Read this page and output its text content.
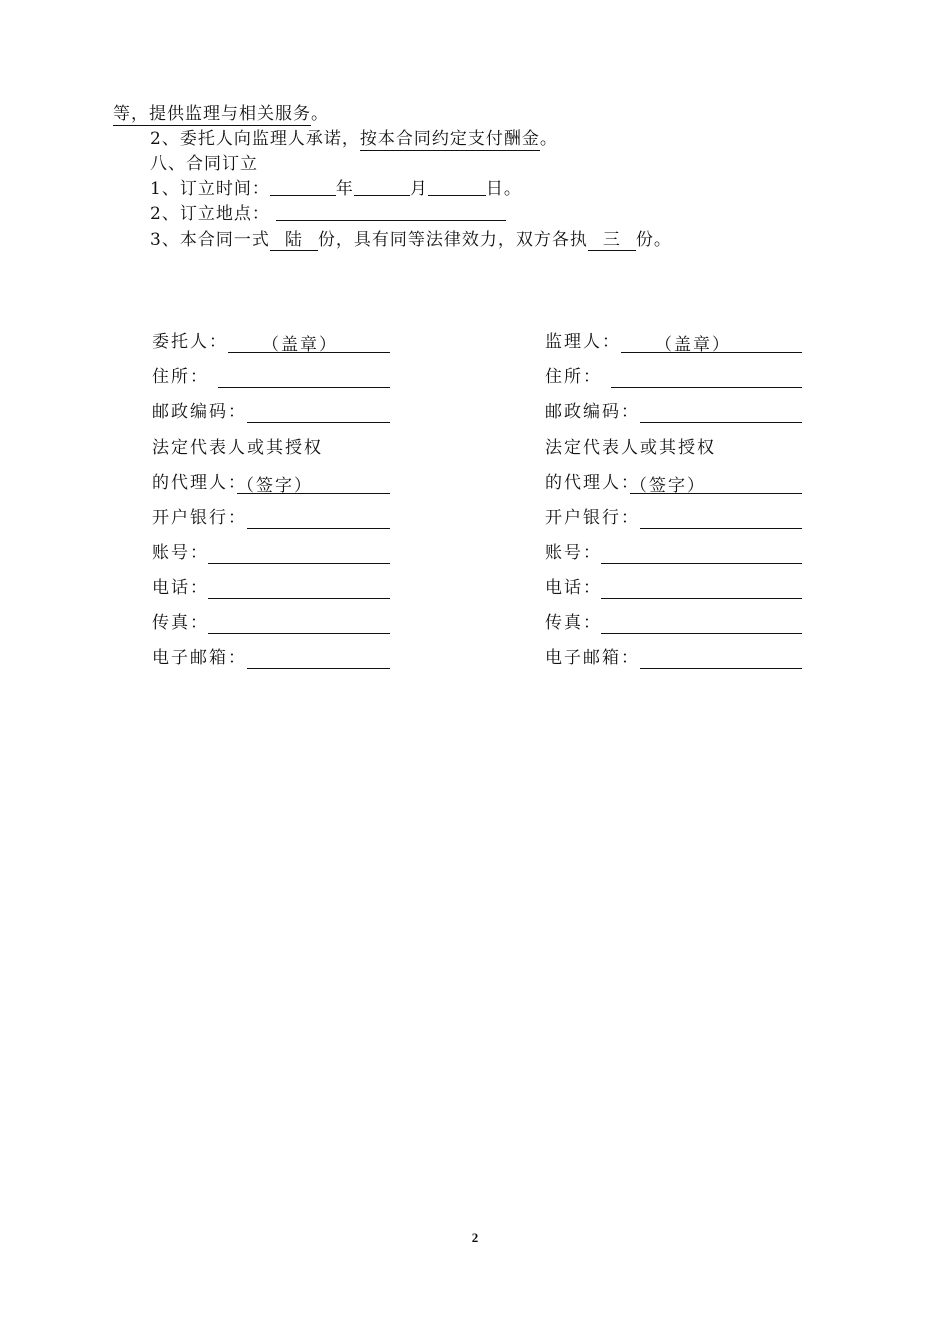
等，提供监理与相关服务。
2、委托人向监理人承诺，按本合同约定支付酬金。
八、合同订立
1、订立时间：	年	月	日。
2、订立地点：
3、本合同一式 陆 份，具有同等法律效力，双方各执 三 份。
委托人： （盖章）
住所：
邮政编码：
法定代表人或其授权
的代理人：
（签字）
开户银行：
账号：
电话：
传真：
电子邮箱：
监理人： （盖章）
住所：
邮政编码：
法定代表人或其授权
的代理人：
（签字）
开户银行：
账号：
电话：
传真：
电子邮箱：
2
